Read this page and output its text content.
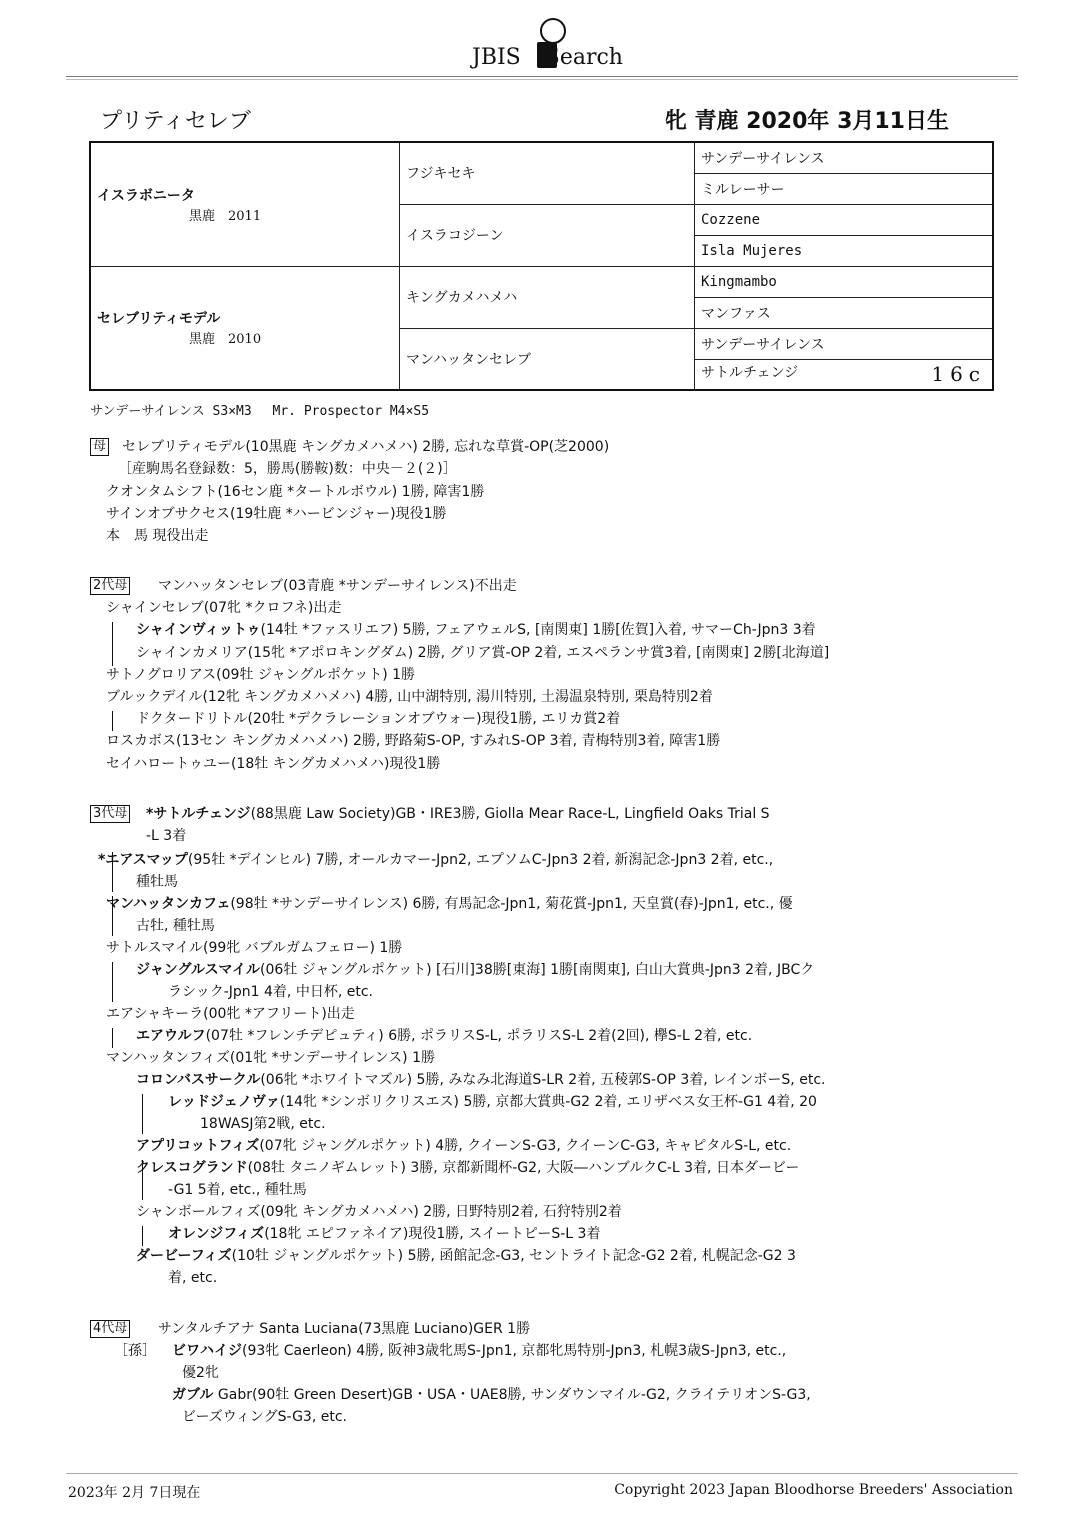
JBIS Search
プリティセレブ	牝 青鹿 2020年 3月11日生
イスラボニータ
黒鹿　2011	フジキセキ	サンデーサイレンス
		ミルレーサー
	イスラコジーン	Cozzene
		Isla Mujeres

セレブリティモデル
黒鹿　2010	キングカメハメハ	Kingmambo
		マンファス
	マンハッタンセレブ	サンデーサイレンス
		サトルチェンジ 16c
サンデーサイレンス S3×M3　 Mr. Prospector M4×S5
母
2代母
3代母
4代母
［孫］
セレブリティモデル(10黒鹿 キングカメハメハ) 2勝, 忘れな草賞-OP(芝2000)
［産駒馬名登録数：5，勝馬(勝鞍)数：中央－２(２)］
クオンタムシフト(16セン鹿 *タートルボウル) 1勝, 障害1勝
サインオブサクセス(19牡鹿 *ハービンジャー)現役1勝
本　馬 現役出走
マンハッタンセレブ(03青鹿 *サンデーサイレンス)不出走
シャインセレブ(07牝 *クロフネ)出走
シャインヴィットゥ(14牡 *ファスリエフ) 5勝, フェアウェルS, [南関東] 1勝[佐賀]入着, サマーCh-Jpn3 3着
シャインカメリア(15牝 *アポロキングダム) 2勝, グリア賞-OP 2着, エスペランサ賞3着, [南関東] 2勝[北海道]
サトノグロリアス(09牡 ジャングルポケット) 1勝
ブルックデイル(12牝 キングカメハメハ) 4勝, 山中湖特別, 湯川特別, 土湯温泉特別, 栗島特別2着
ドクタードリトル(20牡 *デクラレーションオブウォー)現役1勝, エリカ賞2着
ロスカボス(13セン キングカメハメハ) 2勝, 野路菊S-OP, すみれS-OP 3着, 青梅特別3着, 障害1勝
セイハロートゥユー(18牡 キングカメハメハ)現役1勝
*サトルチェンジ(88黒鹿 Law Society)GB・IRE3勝, Giolla Mear Race-L, Lingfield Oaks Trial S
-L 3着
*エアスマップ(95牡 *デインヒル) 7勝, オールカマー-Jpn2, エプソムC-Jpn3 2着, 新潟記念-Jpn3 2着, etc.,
種牡馬
マンハッタンカフェ(98牡 *サンデーサイレンス) 6勝, 有馬記念-Jpn1, 菊花賞-Jpn1, 天皇賞(春)-Jpn1, etc., 優
古牡, 種牡馬
サトルスマイル(99牝 バブルガムフェロー) 1勝
ジャングルスマイル(06牡 ジャングルポケット) [石川]38勝[東海] 1勝[南関東], 白山大賞典-Jpn3 2着, JBCク
ラシック-Jpn1 4着, 中日杯, etc.
エアシャキーラ(00牝 *アフリート)出走
エアウルフ(07牡 *フレンチデピュティ) 6勝, ポラリスS-L, ポラリスS-L 2着(2回), 欅S-L 2着, etc.
マンハッタンフィズ(01牝 *サンデーサイレンス) 1勝
コロンバスサークル(06牝 *ホワイトマズル) 5勝, みなみ北海道S-LR 2着, 五稜郭S-OP 3着, レインボーS, etc.
レッドジェノヴァ(14牝 *シンボリクリスエス) 5勝, 京都大賞典-G2 2着, エリザベス女王杯-G1 4着, 20
18WASJ第2戦, etc.
アプリコットフィズ(07牝 ジャングルポケット) 4勝, クイーンS-G3, クイーンC-G3, キャピタルS-L, etc.
クレスコグランド(08牡 タニノギムレット) 3勝, 京都新聞杯-G2, 大阪―ハンブルクC-L 3着, 日本ダービー
-G1 5着, etc., 種牡馬
シャンボールフィズ(09牝 キングカメハメハ) 2勝, 日野特別2着, 石狩特別2着
オレンジフィズ(18牝 エピファネイア)現役1勝, スイートピーS-L 3着
ダービーフィズ(10牡 ジャングルポケット) 5勝, 函館記念-G3, セントライト記念-G2 2着, 札幌記念-G2 3
着, etc.
サンタルチアナ Santa Luciana(73黒鹿 Luciano)GER 1勝
ビワハイジ(93牝 Caerleon) 4勝, 阪神3歳牝馬S-Jpn1, 京都牝馬特別-Jpn3, 札幌3歳S-Jpn3, etc.,
優2牝
ガブル Gabr(90牡 Green Desert)GB・USA・UAE8勝, サンダウンマイル-G2, クライテリオンS-G3,
ビーズウィングS-G3, etc.
2023年 2月 7日現在	Copyright 2023 Japan Bloodhorse Breeders' Association
